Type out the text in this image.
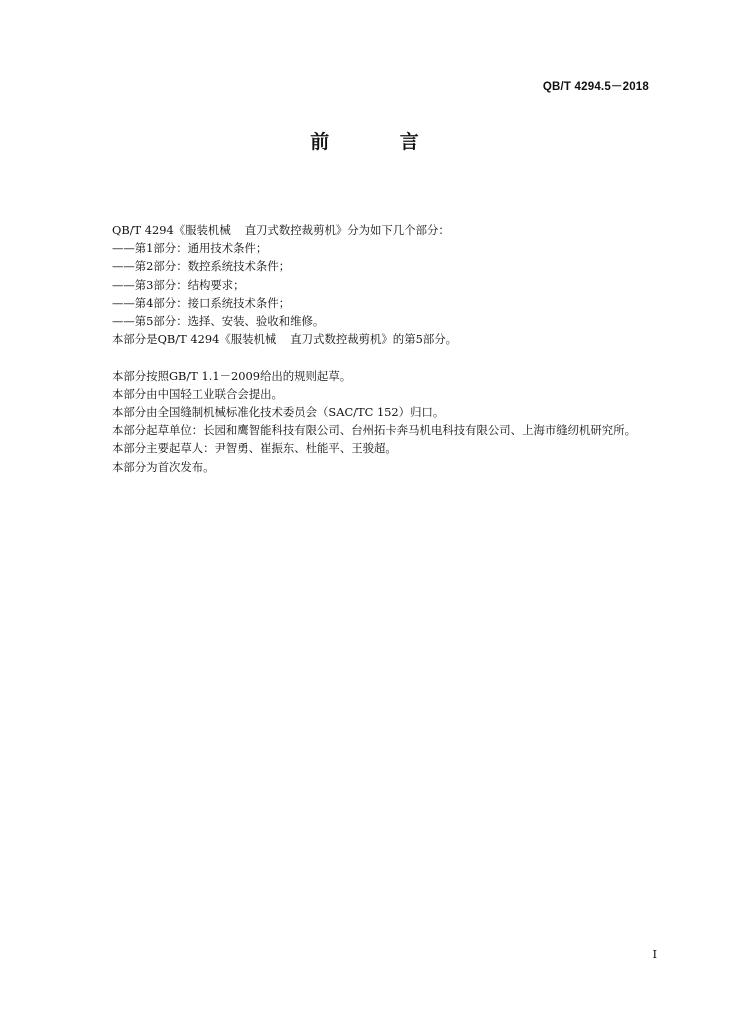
QB/T 4294.5－2018
前 言
QB/T 4294《服装机械 直刀式数控裁剪机》分为如下几个部分：
——第1部分：通用技术条件；
——第2部分：数控系统技术条件；
——第3部分：结构要求；
——第4部分：接口系统技术条件；
——第5部分：选择、安装、验收和维修。
本部分是QB/T 4294《服装机械 直刀式数控裁剪机》的第5部分。
本部分按照GB/T 1.1－2009给出的规则起草。
本部分由中国轻工业联合会提出。
本部分由全国缝制机械标准化技术委员会（SAC/TC 152）归口。
本部分起草单位：长园和鹰智能科技有限公司、台州拓卡奔马机电科技有限公司、上海市缝纫机研究所。
本部分主要起草人：尹智勇、崔振东、杜能平、王骏超。
本部分为首次发布。
I
